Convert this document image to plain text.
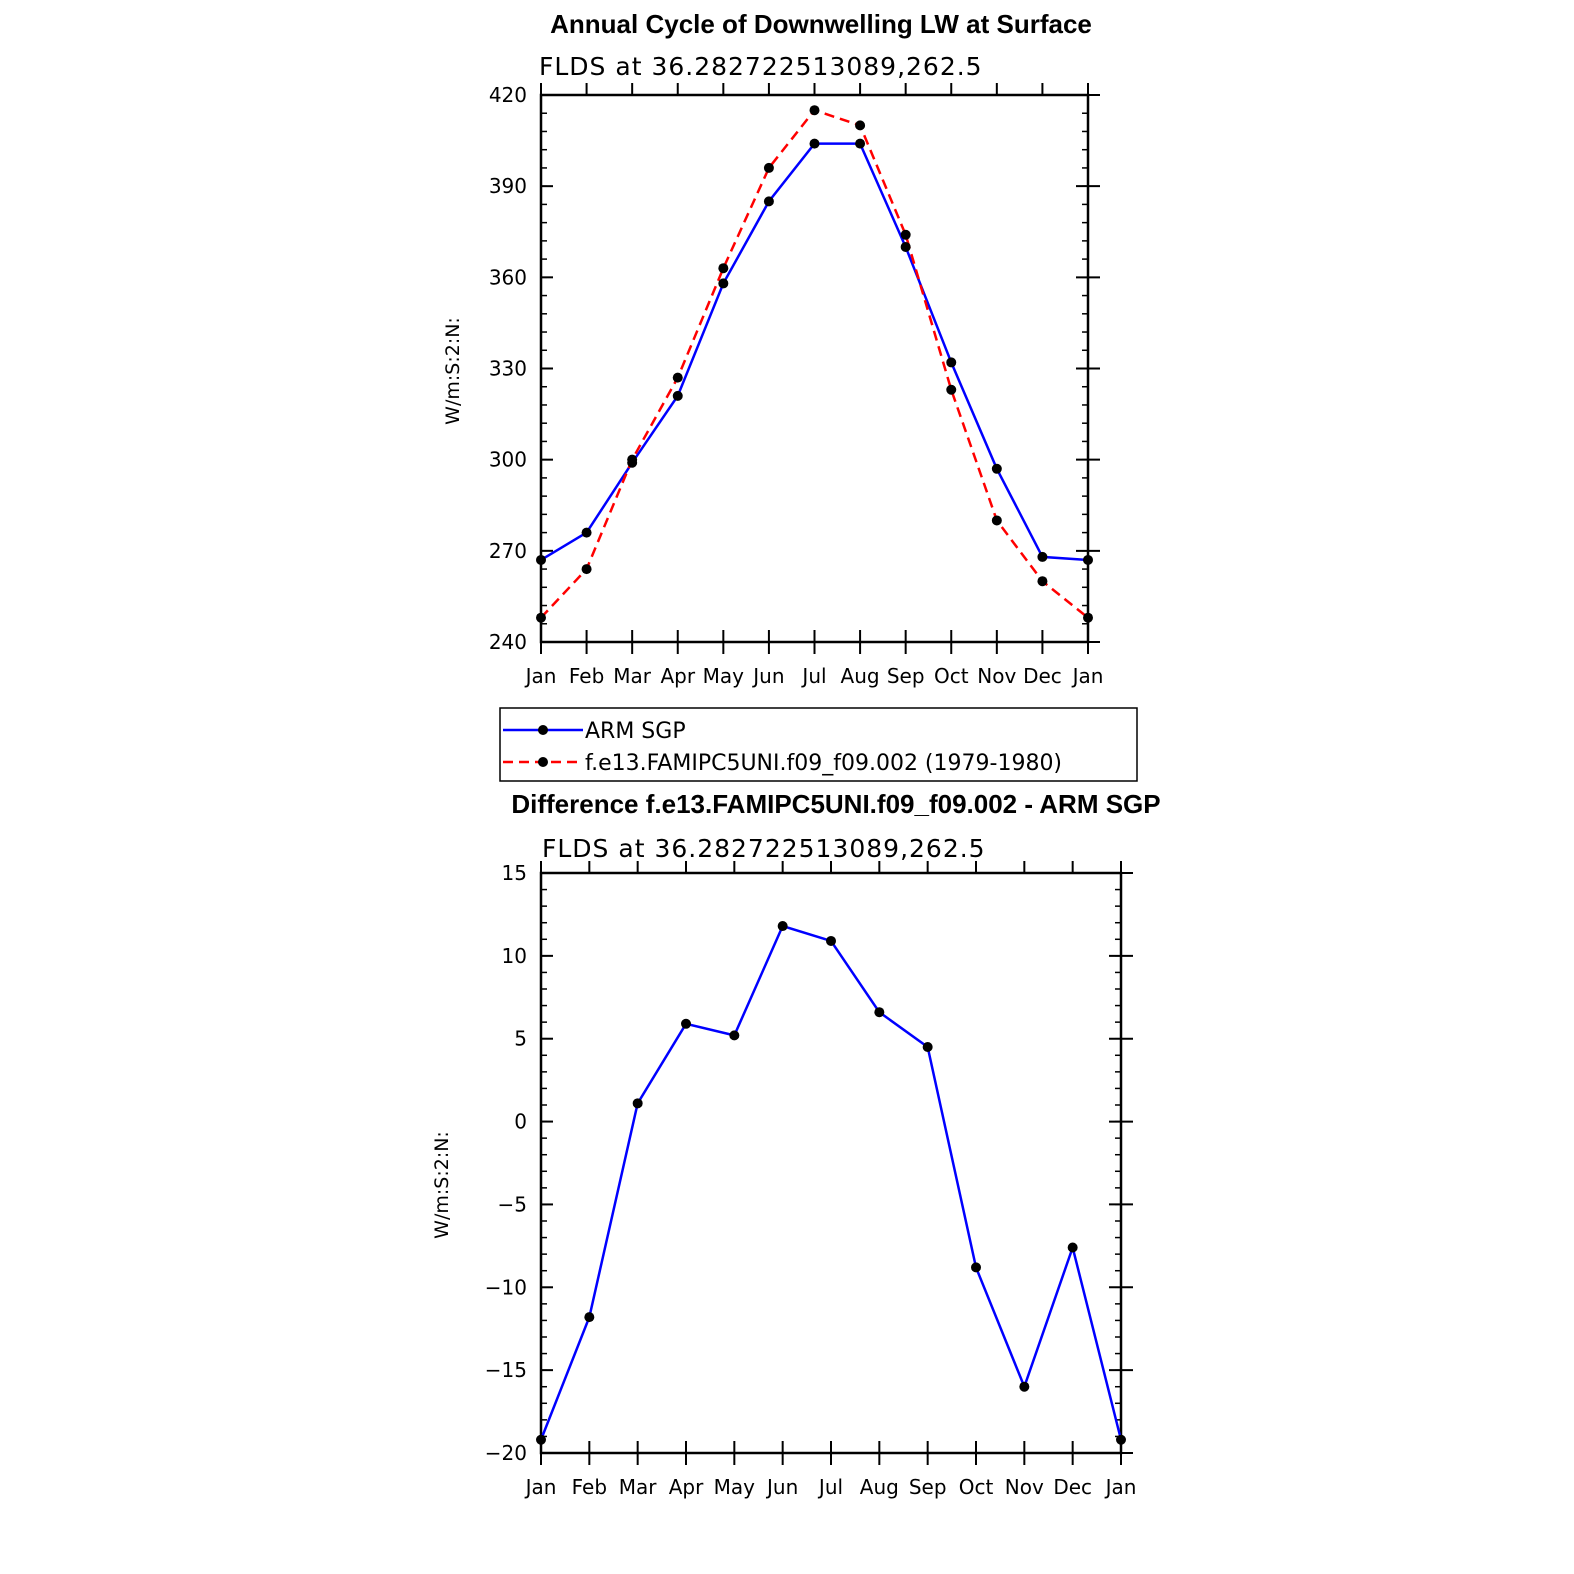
Annual Cycle of Downwelling LW at Surface
FLDS at 36.282722513089,262.5
W/m:S:2:N:
Jan Feb Mar Apr May Jun Jul Aug Sep Oct Nov Dec Jan
240
270
300
330
360
390
420
ARM SGP
f.e13.FAMIPC5UNI.f09_f09.002 (1979-1980)
Difference f.e13.FAMIPC5UNI.f09_f09.002 - ARM SGP
FLDS at 36.282722513089,262.5
W/m:S:2:N:
Jan Feb Mar Apr May Jun Jul Aug Sep Oct Nov Dec Jan
−20
−15
−10
−5
0
5
10
15
